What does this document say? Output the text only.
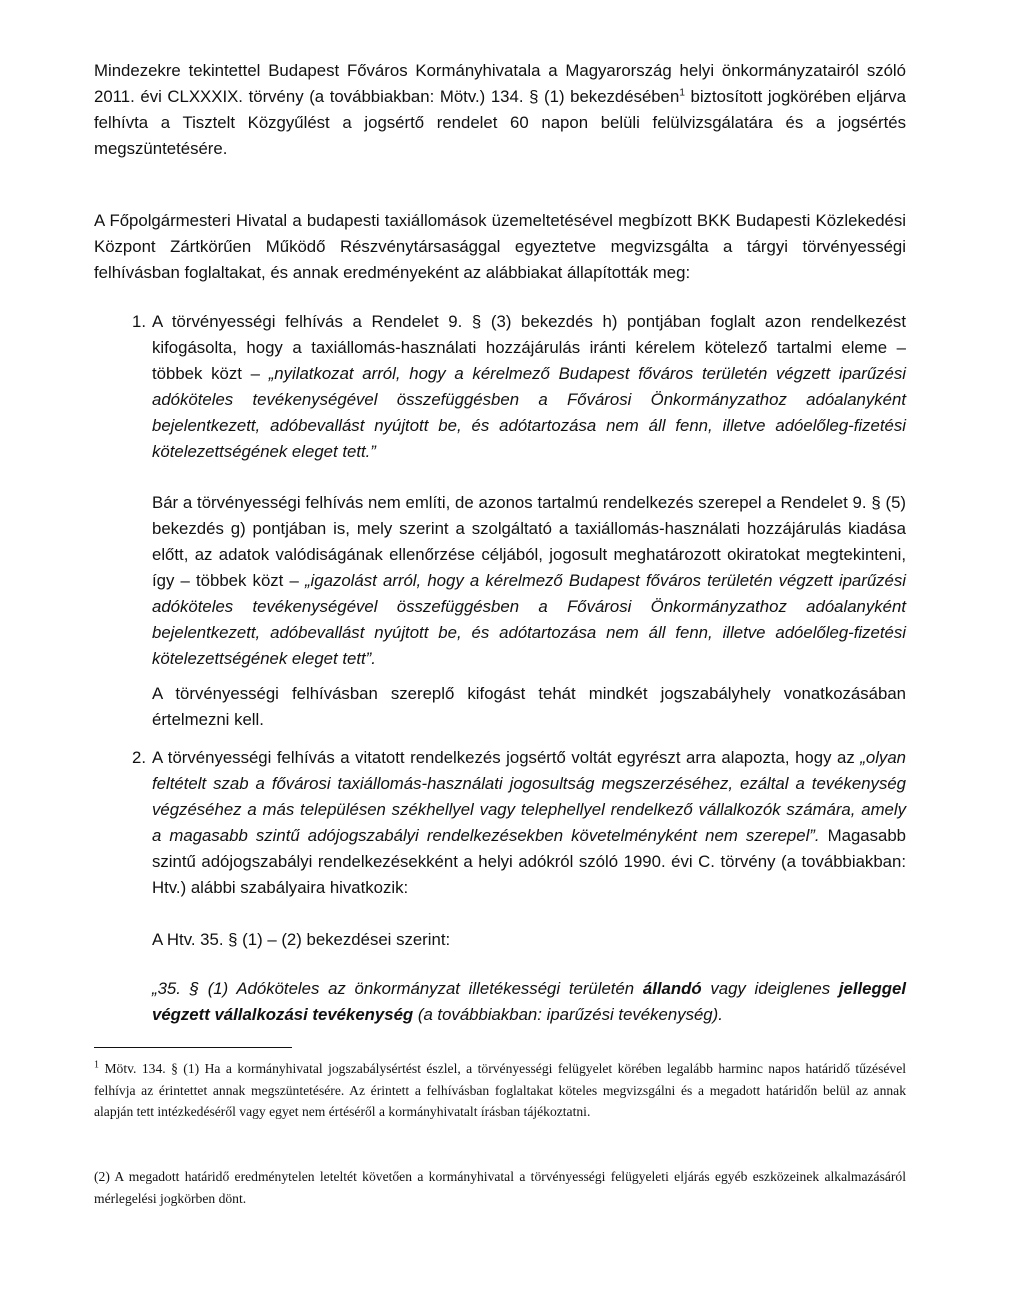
Mindezekre tekintettel Budapest Főváros Kormányhivatala a Magyarország helyi önkormányzatairól szóló 2011. évi CLXXXIX. törvény (a továbbiakban: Mötv.) 134. § (1) bekezdésében$^1$ biztosított jogkörében eljárva felhívta a Tisztelt Közgyűlést a jogsértő rendelet 60 napon belüli felülvizsgálatára és a jogsértés megszüntetésére.

A Főpolgármesteri Hivatal a budapesti taxiállomások üzemeltetésével megbízott BKK Budapesti Közlekedési Központ Zártkörűen Működő Részvénytársasággal egyeztetve megvizsgálta a tárgyi törvényességi felhívásban foglaltakat, és annak eredményeként az alábbiakat állapították meg:

1. A törvényességi felhívás a Rendelet 9. § (3) bekezdés h) pontjában foglalt azon rendelkezést kifogásolta, hogy a taxiállomás-használati hozzájárulás iránti kérelem kötelező tartalmi eleme – többek közt – „nyilatkozat arról, hogy a kérelmező Budapest főváros területén végzett iparűzési adóköteles tevékenységével összefüggésben a Fővárosi Önkormányzathoz adóalanyként bejelentkezett, adóbevallást nyújtott be, és adótartozása nem áll fenn, illetve adóelőleg-fizetési kötelezettségének eleget tett.”

Bár a törvényességi felhívás nem említi, de azonos tartalmú rendelkezés szerepel a Rendelet 9. § (5) bekezdés g) pontjában is, mely szerint a szolgáltató a taxiállomás-használati hozzájárulás kiadása előtt, az adatok valódiságának ellenőrzése céljából, jogosult meghatározott okiratokat megtekinteni, így – többek közt – „igazolást arról, hogy a kérelmező Budapest főváros területén végzett iparűzési adóköteles tevékenységével összefüggésben a Fővárosi Önkormányzathoz adóalanyként bejelentkezett, adóbevallást nyújtott be, és adótartozása nem áll fenn, illetve adóelőleg-fizetési kötelezettségének eleget tett”.

A törvényességi felhívásban szereplő kifogást tehát mindkét jogszabályhely vonatkozásában értelmezni kell.

2. A törvényességi felhívás a vitatott rendelkezés jogsértő voltát egyrészt arra alapozta, hogy az „olyan feltételt szab a fővárosi taxiállomás-használati jogosultság megszerzéséhez, ezáltal a tevékenység végzéséhez a más településen székhellyel vagy telephellyel rendelkező vállalkozók számára, amely a magasabb szintű adójogszabályi rendelkezésekben követelményként nem szerepel”. Magasabb szintű adójogszabályi rendelkezésekként a helyi adókról szóló 1990. évi C. törvény (a továbbiakban: Htv.) alábbi szabályaira hivatkozik:

A Htv. 35. § (1) – (2) bekezdései szerint:

„35. § (1) Adóköteles az önkormányzat illetékességi területén állandó vagy ideiglenes jelleggel végzett vállalkozási tevékenység (a továbbiakban: iparűzési tevékenység).

$^1$ Mötv. 134. § (1) Ha a kormányhivatal jogszabálysértést észlel, a törvényességi felügyelet körében legalább harminc napos határidő tűzésével felhívja az érintettet annak megszüntetésére. Az érintett a felhívásban foglaltakat köteles megvizsgálni és a megadott határidőn belül az annak alapján tett intézkedéséről vagy egyet nem értéséről a kormányhivatalt írásban tájékoztatni.

(2) A megadott határidő eredménytelen leteltét követően a kormányhivatal a törvényességi felügyeleti eljárás egyéb eszközeinek alkalmazásáról mérlegelési jogkörben dönt.
